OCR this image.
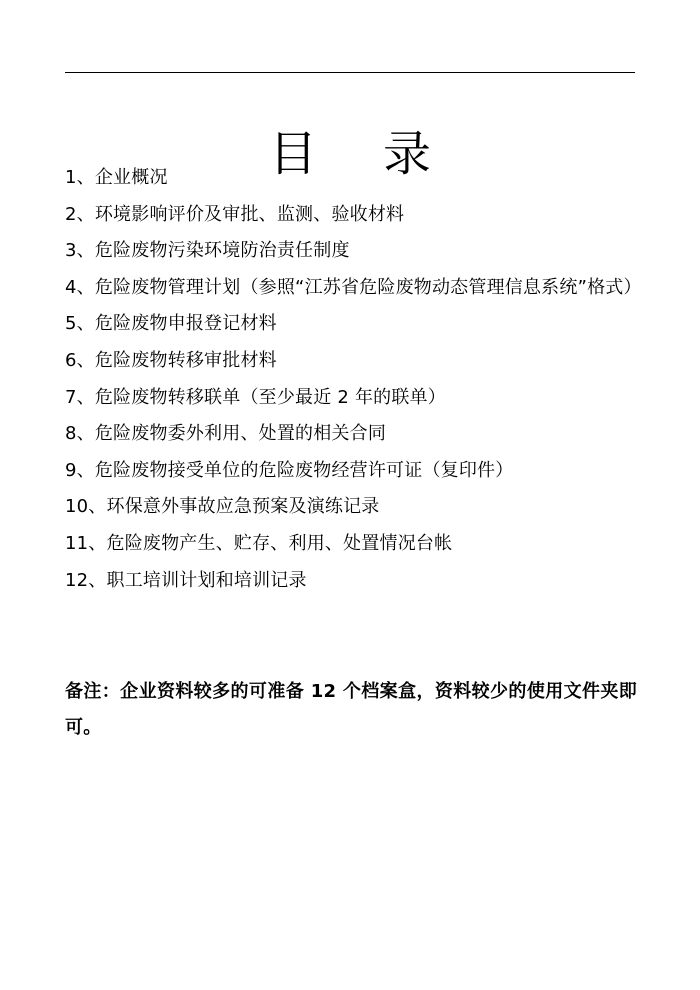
目 录
1、企业概况
2、环境影响评价及审批、监测、验收材料
3、危险废物污染环境防治责任制度
4、危险废物管理计划（参照“江苏省危险废物动态管理信息系统”格式）
5、危险废物申报登记材料
6、危险废物转移审批材料
7、危险废物转移联单（至少最近 2 年的联单）
8、危险废物委外利用、处置的相关合同
9、危险废物接受单位的危险废物经营许可证（复印件）
10、环保意外事故应急预案及演练记录
11、危险废物产生、贮存、利用、处置情况台帐
12、职工培训计划和培训记录

备注：企业资料较多的可准备 12 个档案盒，资料较少的使用文件夹即可。
